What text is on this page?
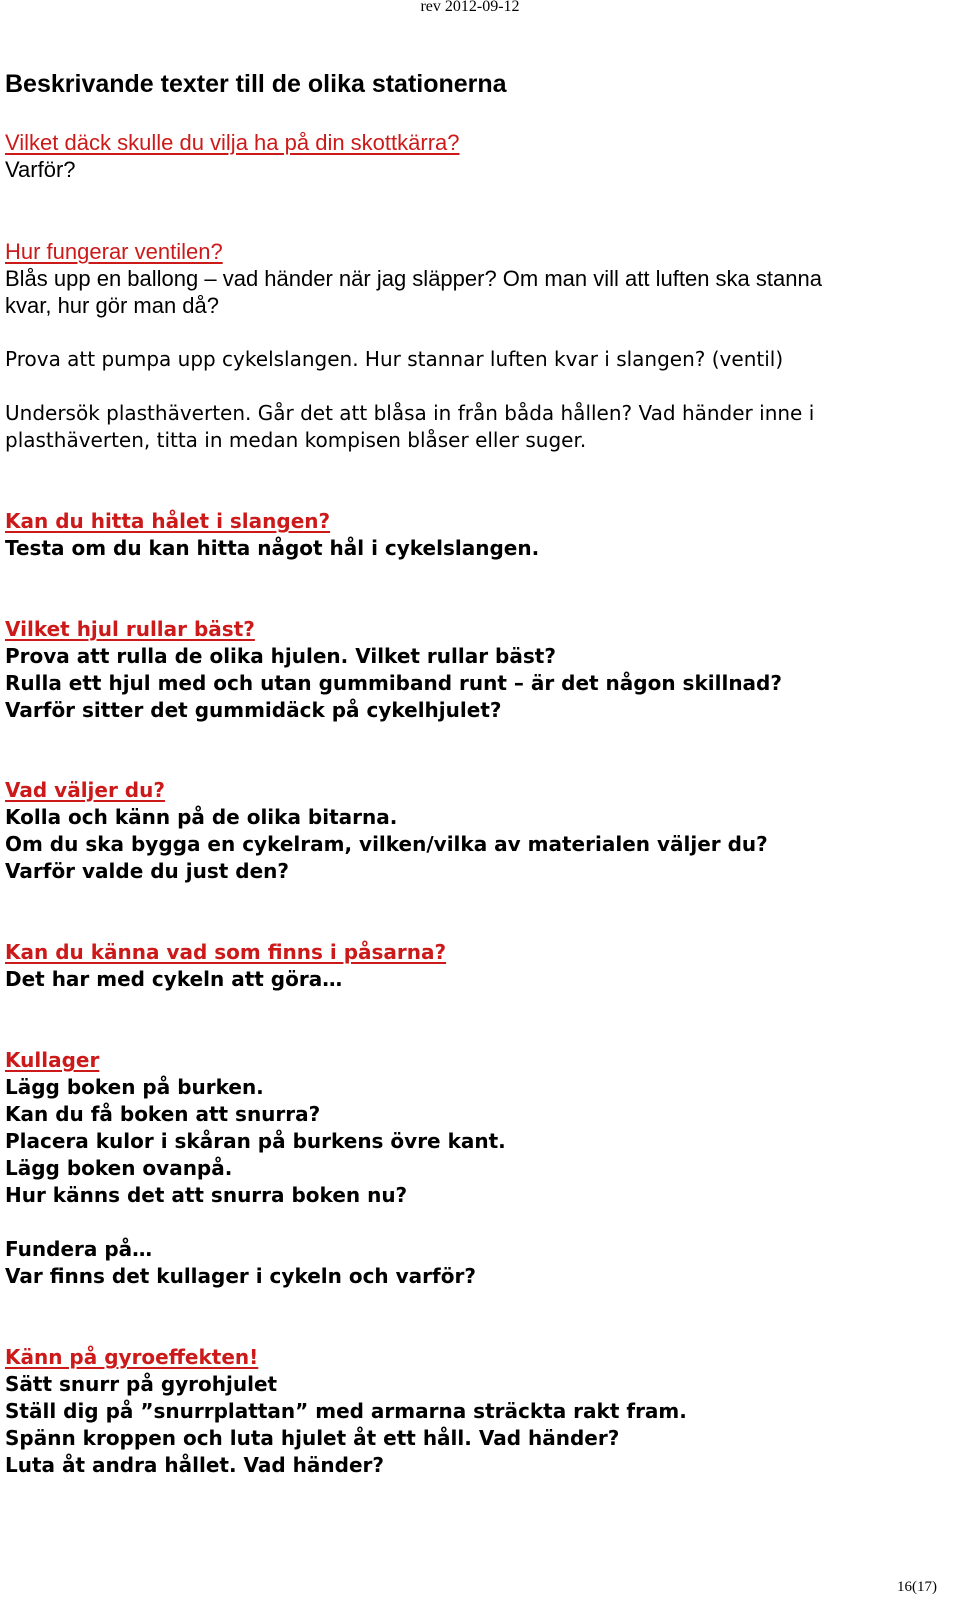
rev 2012-09-12
Beskrivande texter till de olika stationerna

Vilket däck skulle du vilja ha på din skottkärra?

Varför?

Hur fungerar ventilen?

Blås upp en ballong – vad händer när jag släpper? Om man vill att luften ska stanna

kvar, hur gör man då?

Prova att pumpa upp cykelslangen. Hur stannar luften kvar i slangen? (ventil)

Undersök plasthäverten. Går det att blåsa in från båda hållen? Vad händer inne i

plasthäverten, titta in medan kompisen blåser eller suger.

Kan du hitta hålet i slangen?

Testa om du kan hitta något hål i cykelslangen.

Vilket hjul rullar bäst?

Prova att rulla de olika hjulen. Vilket rullar bäst?

Rulla ett hjul med och utan gummiband runt – är det någon skillnad?

Varför sitter det gummidäck på cykelhjulet?

Vad väljer du?

Kolla och känn på de olika bitarna.

Om du ska bygga en cykelram, vilken/vilka av materialen väljer du?

Varför valde du just den?

Kan du känna vad som finns i påsarna?

Det har med cykeln att göra…

Kullager

Lägg boken på burken.

Kan du få boken att snurra?

Placera kulor i skåran på burkens övre kant.

Lägg boken ovanpå.

Hur känns det att snurra boken nu?

Fundera på…

Var finns det kullager i cykeln och varför?

Känn på gyroeffekten!

Sätt snurr på gyrohjulet

Ställ dig på ”snurrplattan” med armarna sträckta rakt fram.

Spänn kroppen och luta hjulet åt ett håll. Vad händer?

Luta åt andra hållet. Vad händer?

16(17)
